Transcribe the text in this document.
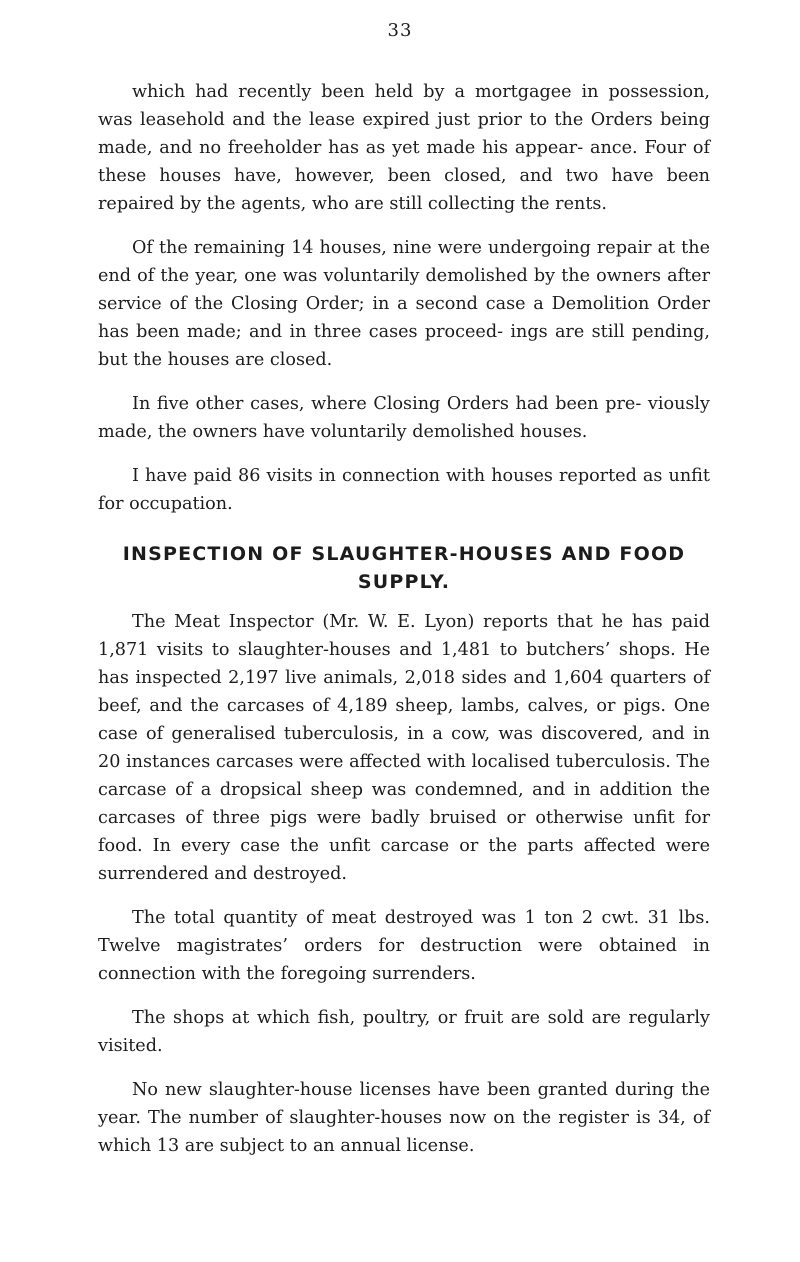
33

which had recently been held by a mortgagee in possession, was leasehold and the lease expired just prior to the Orders being made, and no freeholder has as yet made his appear- ance. Four of these houses have, however, been closed, and two have been repaired by the agents, who are still collecting the rents.

Of the remaining 14 houses, nine were undergoing repair at the end of the year, one was voluntarily demolished by the owners after service of the Closing Order; in a second case a Demolition Order has been made; and in three cases proceed- ings are still pending, but the houses are closed.

In five other cases, where Closing Orders had been pre- viously made, the owners have voluntarily demolished houses.

I have paid 86 visits in connection with houses reported as unfit for occupation.

INSPECTION OF SLAUGHTER-HOUSES AND FOOD SUPPLY.

The Meat Inspector (Mr. W. E. Lyon) reports that he has paid 1,871 visits to slaughter-houses and 1,481 to butchers’ shops. He has inspected 2,197 live animals, 2,018 sides and 1,604 quarters of beef, and the carcases of 4,189 sheep, lambs, calves, or pigs. One case of generalised tuberculosis, in a cow, was discovered, and in 20 instances carcases were affected with localised tuberculosis. The carcase of a dropsical sheep was condemned, and in addition the carcases of three pigs were badly bruised or otherwise unfit for food. In every case the unfit carcase or the parts affected were surrendered and destroyed.

The total quantity of meat destroyed was 1 ton 2 cwt. 31 lbs. Twelve magistrates’ orders for destruction were obtained in connection with the foregoing surrenders.

The shops at which fish, poultry, or fruit are sold are regularly visited.

No new slaughter-house licenses have been granted during the year. The number of slaughter-houses now on the register is 34, of which 13 are subject to an annual license.
